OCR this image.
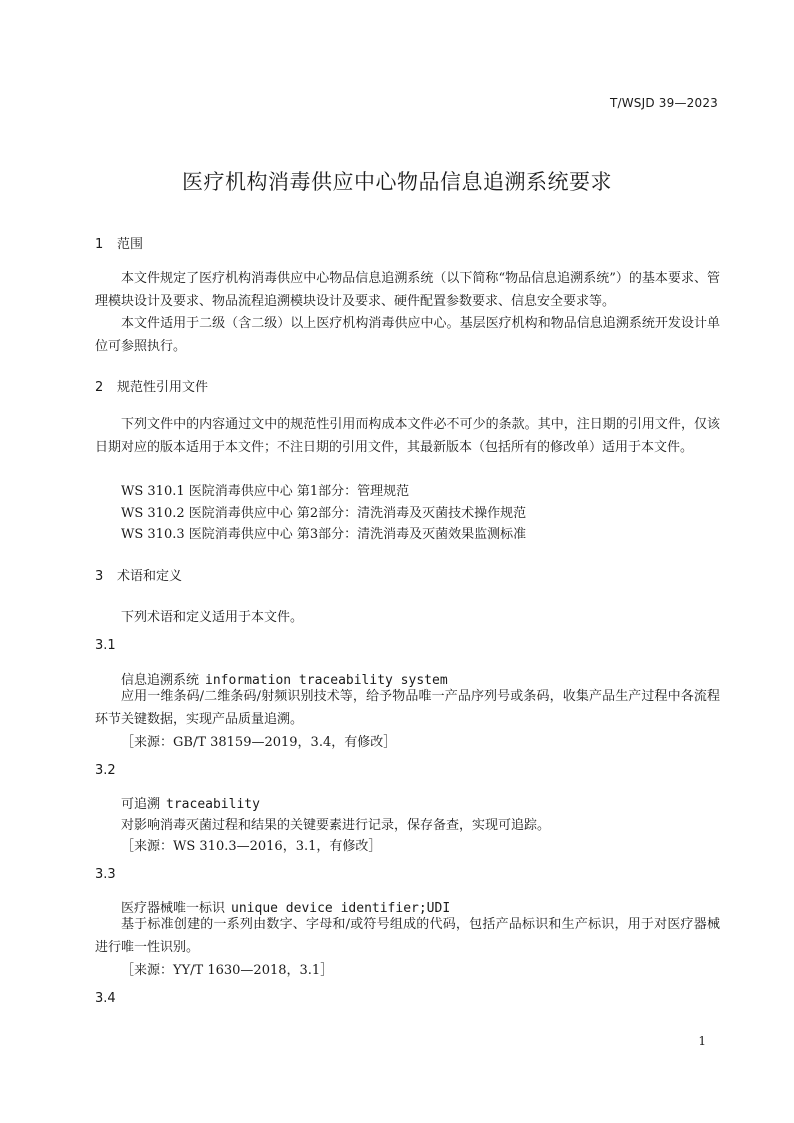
T/WSJD 39—2023
医疗机构消毒供应中心物品信息追溯系统要求
1 范围
本文件规定了医疗机构消毒供应中心物品信息追溯系统（以下简称“物品信息追溯系统”）的基本要求、管理模块设计及要求、物品流程追溯模块设计及要求、硬件配置参数要求、信息安全要求等。
本文件适用于二级（含二级）以上医疗机构消毒供应中心。基层医疗机构和物品信息追溯系统开发设计单位可参照执行。
2 规范性引用文件
下列文件中的内容通过文中的规范性引用而构成本文件必不可少的条款。其中，注日期的引用文件，仅该日期对应的版本适用于本文件；不注日期的引用文件，其最新版本（包括所有的修改单）适用于本文件。
WS 310.1 医院消毒供应中心 第1部分：管理规范
WS 310.2 医院消毒供应中心 第2部分：清洗消毒及灭菌技术操作规范
WS 310.3 医院消毒供应中心 第3部分：清洗消毒及灭菌效果监测标准
3 术语和定义
下列术语和定义适用于本文件。
3.1
信息追溯系统 information traceability system
应用一维条码/二维条码/射频识别技术等，给予物品唯一产品序列号或条码，收集产品生产过程中各流程环节关键数据，实现产品质量追溯。
［来源：GB/T 38159—2019，3.4，有修改］
3.2
可追溯 traceability
对影响消毒灭菌过程和结果的关键要素进行记录，保存备查，实现可追踪。
［来源：WS 310.3—2016，3.1，有修改］
3.3
医疗器械唯一标识 unique device identifier;UDI
基于标准创建的一系列由数字、字母和/或符号组成的代码，包括产品标识和生产标识，用于对医疗器械进行唯一性识别。
［来源：YY/T 1630—2018，3.1］
3.4
1
